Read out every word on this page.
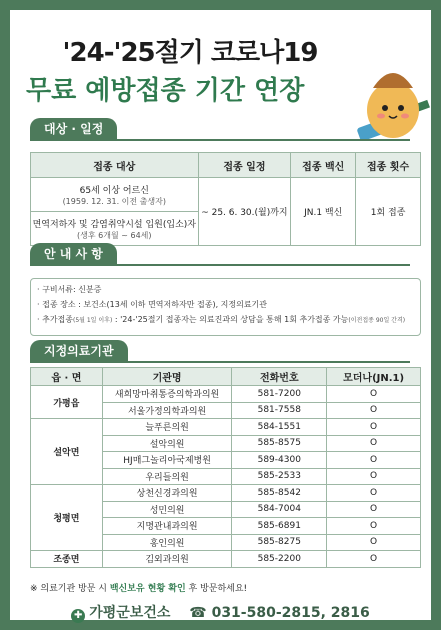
'24-'25절기 코로나19
무료 예방접종 기간 연장
대상 · 일정
접종 대상	접종 일정	접종 백신	접종 횟수

65세 이상 어르신
(1959. 12. 31. 이전 출생자)	~ 25. 6. 30.(월)까지	JN.1 백신	1회 접종

면역저하자 및 감염취약시설 입원(입소)자
(생후 6개월 ~ 64세)			
안 내 사 항
· 구비서류: 신분증
· 접종 장소 : 보건소(13세 이하 면역저하자만 접종), 지정의료기관
· 추가접종(5월 1일 이후) : '24-'25절기 접종자는 의료진과의 상담을 통해 1회 추가접종 가능(이전접종 90일 간격)
지정의료기관
읍 · 면	기관명	전화번호	모더나(JN.1)
가평읍	새희망마취통증의학과의원	581-7200	O
	서울가정의학과의원	581-7558	O
설악면	늘푸른의원	584-1551	O
	설악의원	585-8575	O
	HJ매그놀리아국제병원	589-4300	O
	우리들의원	585-2533	O
청평면	상천신경과의원	585-8542	O
	성민의원	584-7004	O
	지명관내과의원	585-6891	O
	홍인의원	585-8275	O
조종면	김외과의원	585-2200	O
※ 의료기관 방문 시 백신보유 현황 확인 후 방문하세요!
✚ 가평군보건소 ☎ 031-580-2815, 2816
